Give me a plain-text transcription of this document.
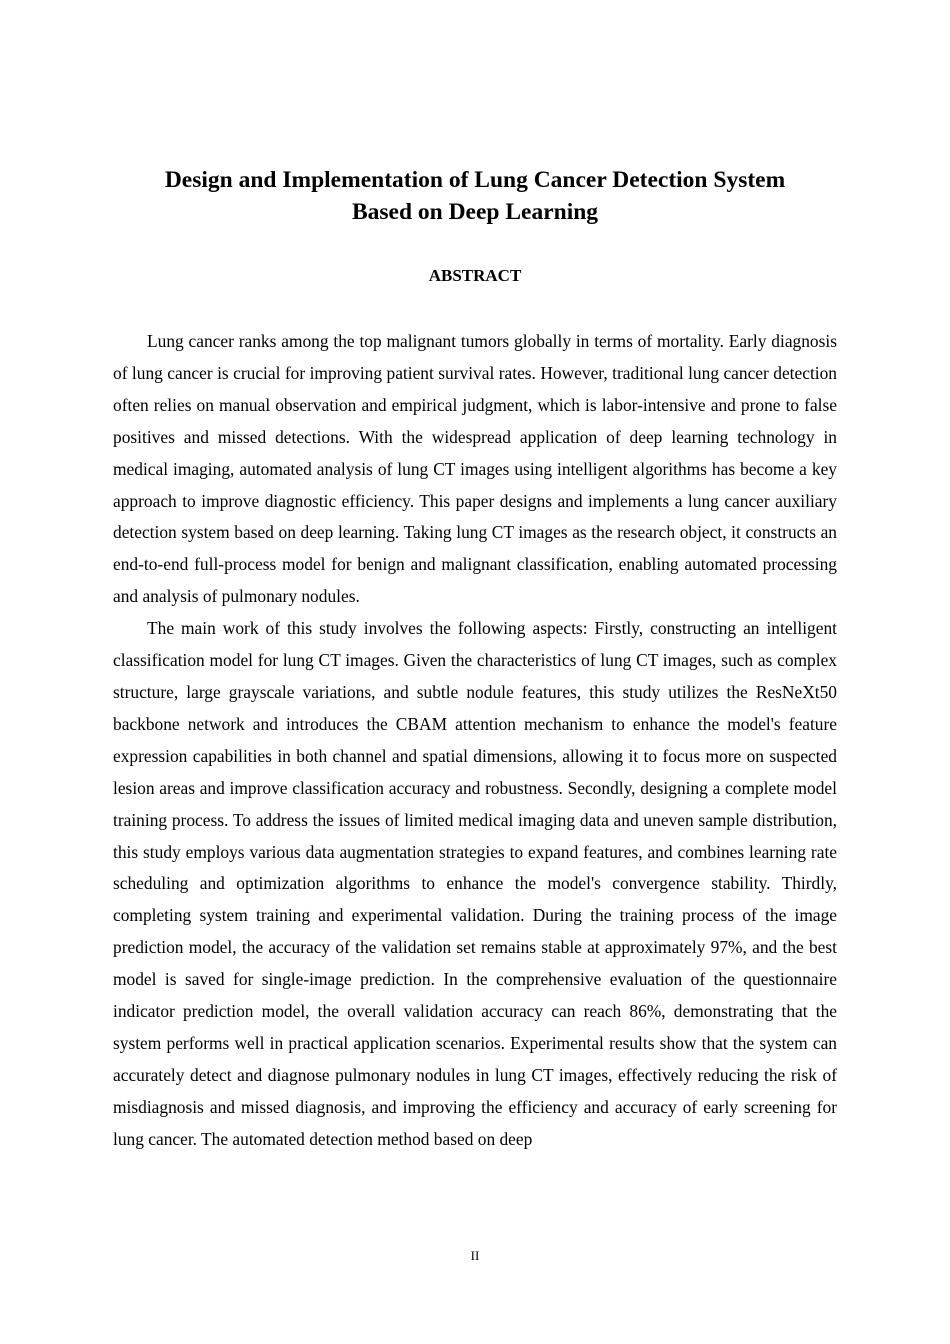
Design and Implementation of Lung Cancer Detection System
Based on Deep Learning
ABSTRACT

Lung cancer ranks among the top malignant tumors globally in terms of mortality. Early diagnosis of lung cancer is crucial for improving patient survival rates. However, traditional lung cancer detection often relies on manual observation and empirical judgment, which is labor-intensive and prone to false positives and missed detections. With the widespread application of deep learning technology in medical imaging, automated analysis of lung CT images using intelligent algorithms has become a key approach to improve diagnostic efficiency. This paper designs and implements a lung cancer auxiliary detection system based on deep learning. Taking lung CT images as the research object, it constructs an end-to-end full-process model for benign and malignant classification, enabling automated processing and analysis of pulmonary nodules.

The main work of this study involves the following aspects: Firstly, constructing an intelligent classification model for lung CT images. Given the characteristics of lung CT images, such as complex structure, large grayscale variations, and subtle nodule features, this study utilizes the ResNeXt50 backbone network and introduces the CBAM attention mechanism to enhance the model's feature expression capabilities in both channel and spatial dimensions, allowing it to focus more on suspected lesion areas and improve classification accuracy and robustness. Secondly, designing a complete model training process. To address the issues of limited medical imaging data and uneven sample distribution, this study employs various data augmentation strategies to expand features, and combines learning rate scheduling and optimization algorithms to enhance the model's convergence stability. Thirdly, completing system training and experimental validation. During the training process of the image prediction model, the accuracy of the validation set remains stable at approximately 97%, and the best model is saved for single-image prediction. In the comprehensive evaluation of the questionnaire indicator prediction model, the overall validation accuracy can reach 86%, demonstrating that the system performs well in practical application scenarios. Experimental results show that the system can accurately detect and diagnose pulmonary nodules in lung CT images, effectively reducing the risk of misdiagnosis and missed diagnosis, and improving the efficiency and accuracy of early screening for lung cancer. The automated detection method based on deep

II
